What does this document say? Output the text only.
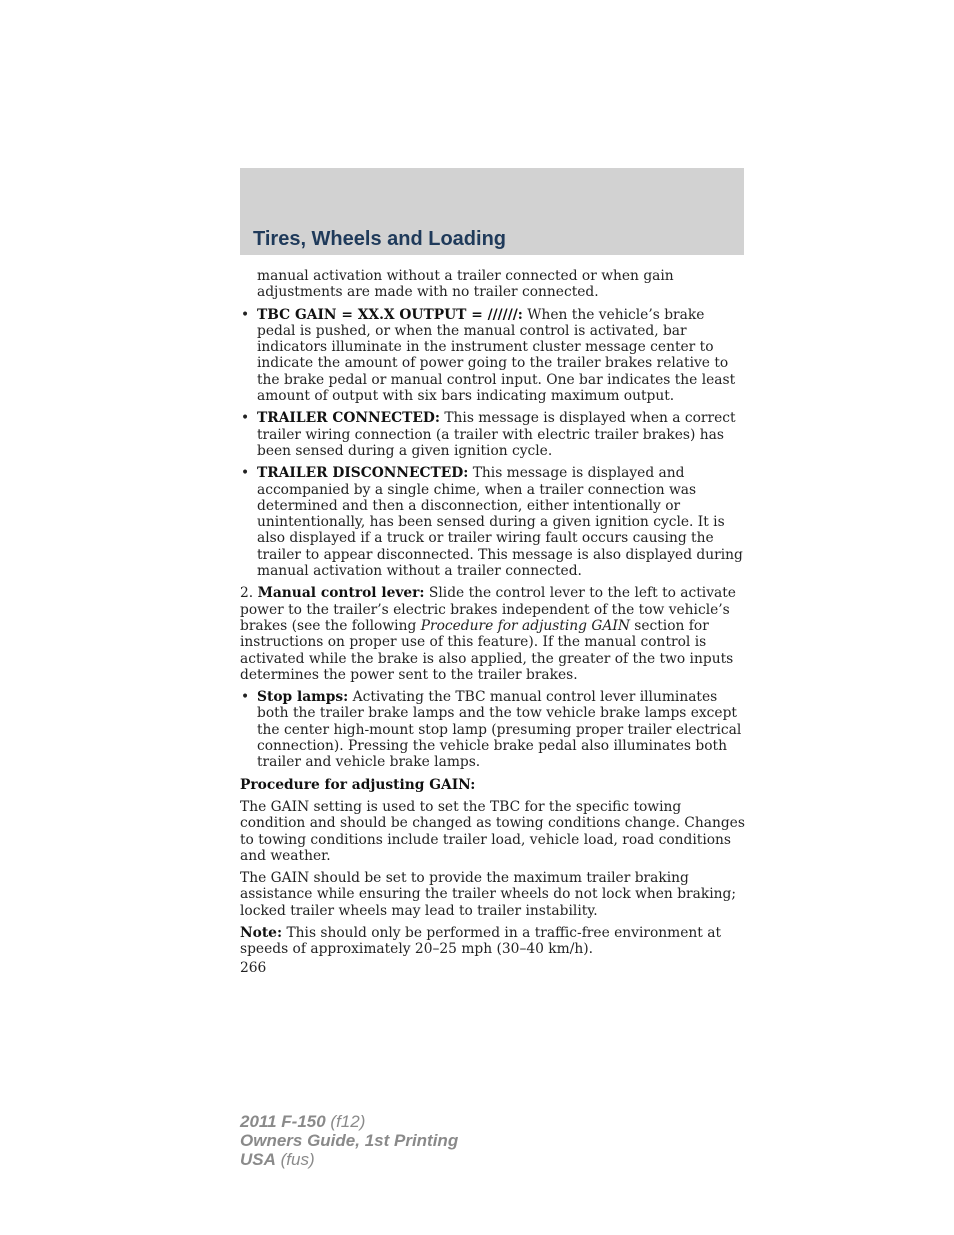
Tires, Wheels and Loading

manual activation without a trailer connected or when gain adjustments are made with no trailer connected.

• TBC GAIN = XX.X OUTPUT = //////: When the vehicle’s brake pedal is pushed, or when the manual control is activated, bar indicators illuminate in the instrument cluster message center to indicate the amount of power going to the trailer brakes relative to the brake pedal or manual control input. One bar indicates the least amount of output with six bars indicating maximum output.
• TRAILER CONNECTED: This message is displayed when a correct trailer wiring connection (a trailer with electric trailer brakes) has been sensed during a given ignition cycle.
• TRAILER DISCONNECTED: This message is displayed and accompanied by a single chime, when a trailer connection was determined and then a disconnection, either intentionally or unintentionally, has been sensed during a given ignition cycle. It is also displayed if a truck or trailer wiring fault occurs causing the trailer to appear disconnected. This message is also displayed during manual activation without a trailer connected.

2. Manual control lever: Slide the control lever to the left to activate power to the trailer’s electric brakes independent of the tow vehicle’s brakes (see the following Procedure for adjusting GAIN section for instructions on proper use of this feature). If the manual control is activated while the brake is also applied, the greater of the two inputs determines the power sent to the trailer brakes.

• Stop lamps: Activating the TBC manual control lever illuminates both the trailer brake lamps and the tow vehicle brake lamps except the center high-mount stop lamp (presuming proper trailer electrical connection). Pressing the vehicle brake pedal also illuminates both trailer and vehicle brake lamps.

Procedure for adjusting GAIN:

The GAIN setting is used to set the TBC for the specific towing condition and should be changed as towing conditions change. Changes to towing conditions include trailer load, vehicle load, road conditions and weather.

The GAIN should be set to provide the maximum trailer braking assistance while ensuring the trailer wheels do not lock when braking; locked trailer wheels may lead to trailer instability.

Note: This should only be performed in a traffic-free environment at speeds of approximately 20–25 mph (30–40 km/h).

266
2011 F-150 (f12)
Owners Guide, 1st Printing
USA (fus)
